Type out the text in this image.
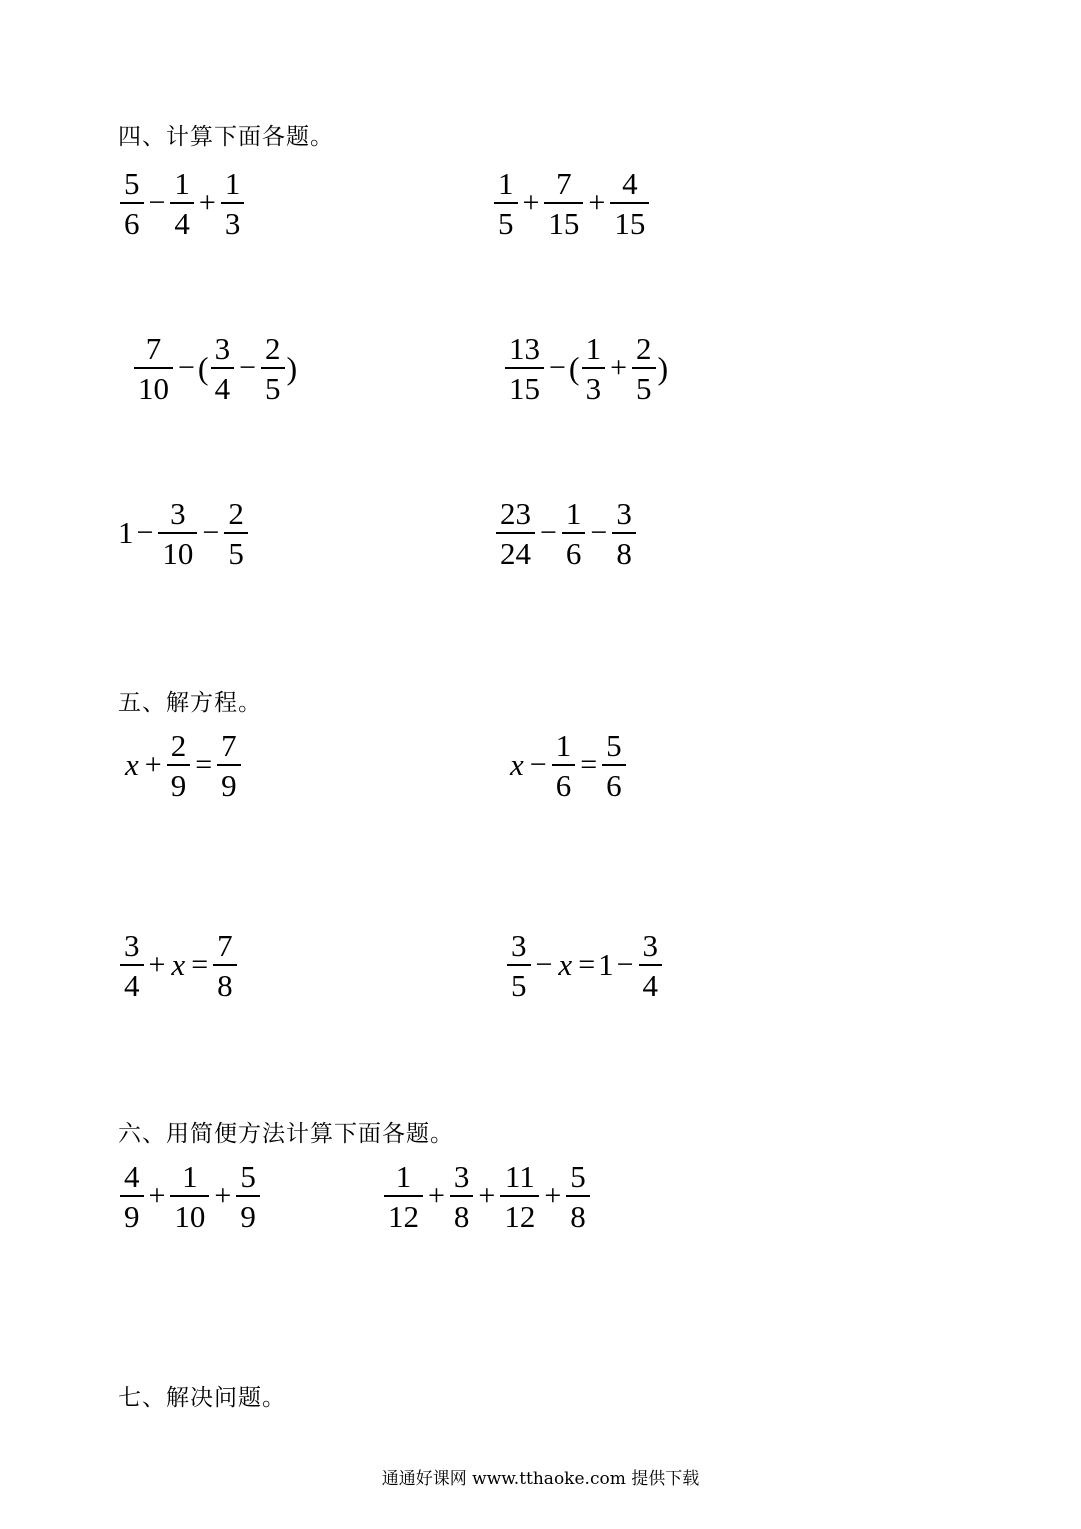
四、计算下面各题。
$\frac{5}{6} - \frac{1}{4} + \frac{1}{3}$	$\frac{1}{5} + \frac{7}{15} + \frac{4}{15}$
$\frac{7}{10}$ − ( $\frac{3}{4} - \frac{2}{5}$ )	$\frac{13}{15}$ − ( $\frac{1}{3} + \frac{2}{5}$ )
$1 - \frac{3}{10} - \frac{2}{5}$	$\frac{23}{24} - \frac{1}{6} - \frac{3}{8}$
五、解方程。
$x + \frac{2}{9} = \frac{7}{9}$	$x - \frac{1}{6} = \frac{5}{6}$
$\frac{3}{4} + x = \frac{7}{8}$	$\frac{3}{5} - x = 1 - \frac{3}{4}$
六、用简便方法计算下面各题。
$\frac{4}{9} + \frac{1}{10} + \frac{5}{9}$	$\frac{1}{12} + \frac{3}{8} + \frac{11}{12} + \frac{5}{8}$
七、解决问题。
通通好课网 www.tthaoke.com 提供下载
